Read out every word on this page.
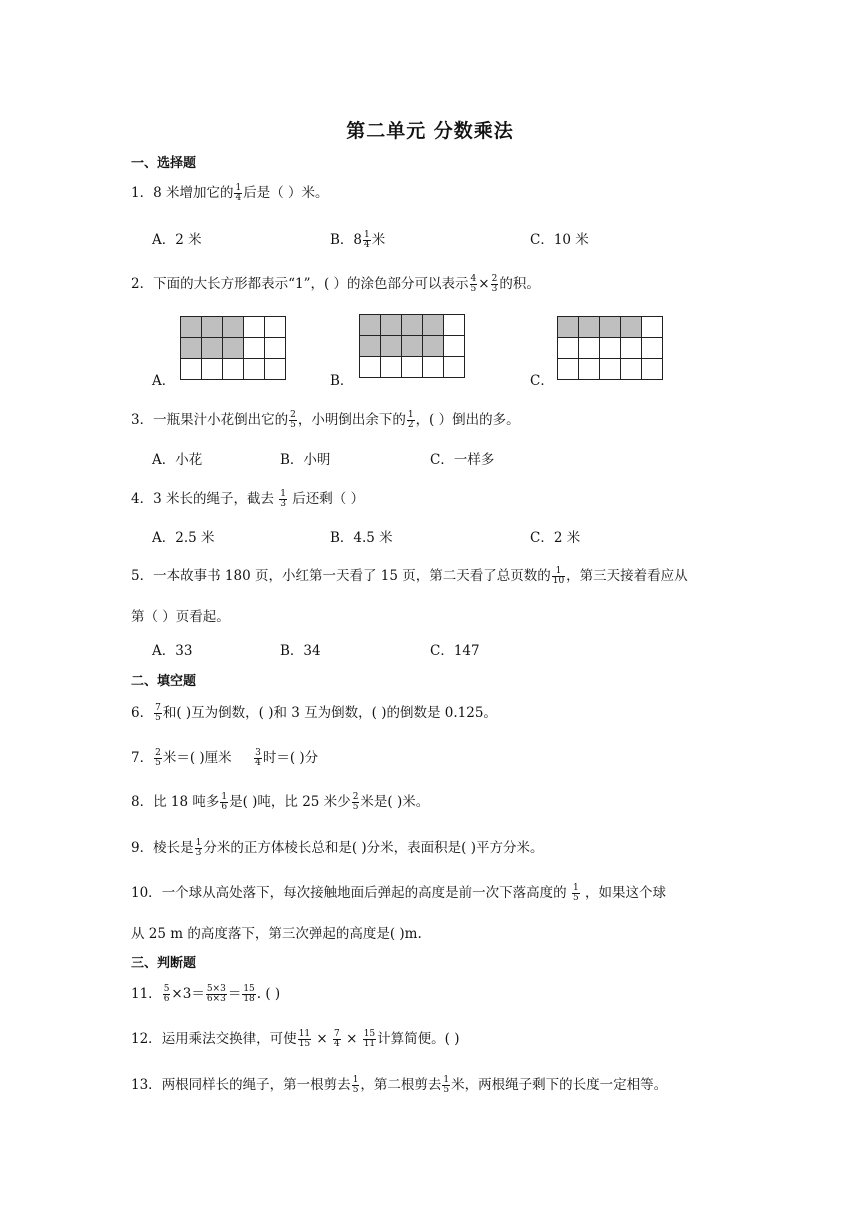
第二单元 分数乘法
一、选择题
1．8 米增加它的 $\frac{1}{4}$ 后是（ ）米。
A．2 米	B．$8 \frac{1}{4}$ 米	C．10 米
2．下面的大长方形都表示“1”，( ）的涂色部分可以表示 $\frac{4}{5} \times \frac{2}{3}$ 的积。
A．	B．	C．

3．一瓶果汁小花倒出它的 $\frac{2}{5}$ ，小明倒出余下的 $\frac{1}{2}$ ，( ）倒出的多。
A．小花	B．小明	C．一样多
4．3 米长的绳子，截去 $\frac{1}{3}$ 后还剩（ ）
A．2.5 米	B．4.5 米	C．2 米
5．一本故事书 180 页，小红第一天看了 15 页，第二天看了总页数的 $\frac{1}{10}$ ，第三天接着看应从
第（ ）页看起。
A．33	B．34	C．147
二、填空题
6． $\frac{7}{5}$ 和( )互为倒数，( )和 3 互为倒数，( )的倒数是 0.125。
7． $\frac{2}{5}$ 米＝( )厘米 $\frac{3}{4}$ 时＝( )分
8．比 18 吨多 $\frac{1}{6}$ 是( )吨，比 25 米少 $\frac{2}{5}$ 米是( )米。
9．棱长是 $\frac{1}{3}$ 分米的正方体棱长总和是( )分米，表面积是( )平方分米。
10．一个球从高处落下，每次接触地面后弹起的高度是前一次下落高度的 $\frac{1}{5}$ ，如果这个球
从 25 m 的高度落下，第三次弹起的高度是( )m.
三、判断题
11． $\frac{5}{6} \times 3= \frac{5\times 3}{6\times 3} = \frac{15}{18}$ . ( )
12．运用乘法交换律，可使 $\frac{11}{15} \times \frac{7}{4} \times \frac{15}{11}$ 计算简便。( )
13．两根同样长的绳子，第一根剪去 $\frac{1}{5}$ ，第二根剪去 $\frac{1}{5}$ 米，两根绳子剩下的长度一定相等。
